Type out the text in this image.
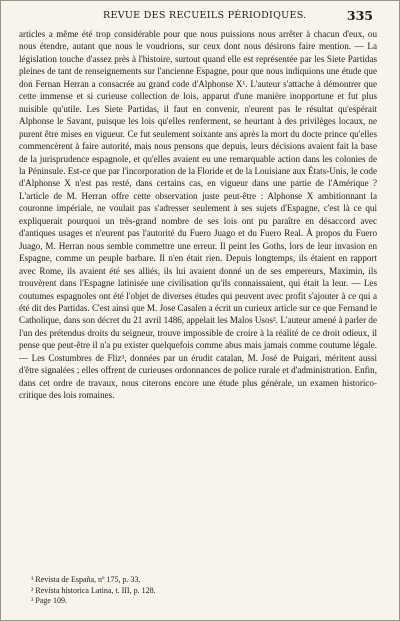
REVUE DES RECUEILS PÉRIODIQUES.	335

articles a même été trop considérable pour que nous puissions nous arrêter à chacun d'eux, ou nous étendre, autant que nous le voudrions, sur ceux dont nous désirons faire mention. — La législation touche d'assez près à l'histoire, surtout quand elle est représentée par les Siete Partidas pleines de tant de renseignements sur l'ancienne Espagne, pour que nous indiquions une étude que don Fernan Herran a consacrée au grand code d'Alphonse X¹. L'auteur s'attache à démontrer que cette immense et si curieuse collection de lois, apparut d'une manière inopportune et fut plus nuisible qu'utile. Les Siete Partidas, il faut en convenir, n'eurent pas le résultat qu'espérait Alphonse le Savant, puisque les lois qu'elles renferment, se heurtant à des privilèges locaux, ne purent être mises en vigueur. Ce fut seulement soixante ans après la mort du docte prince qu'elles commencèrent à faire autorité, mais nous pensons que depuis, leurs décisions avaient fait la base de la jurisprudence espagnole, et qu'elles avaient eu une remarquable action dans les colonies de la Péninsule. Est-ce que par l'incorporation de la Floride et de la Louisiane aux États-Unis, le code d'Alphonse X n'est pas resté, dans certains cas, en vigueur dans une partie de l'Amérique ? L'article de M. Herran offre cette observation juste peut-être : Alphonse X ambitionnant la couronne impériale, ne voulait pas s'adresser seulement à ses sujets d'Espagne, c'est là ce qui expliquerait pourquoi un très-grand nombre de ses lois ont pu paraître en désaccord avec d'antiques usages et n'eurent pas l'autorité du Fuero Juago et du Fuero Real. À propos du Fuero Juago, M. Herran nous semble commettre une erreur. Il peint les Goths, lors de leur invasion en Espagne, comme un peuple barbare. Il n'en était rien. Depuis longtemps, ils étaient en rapport avec Rome, ils avaient été ses alliés, ils lui avaient donné un de ses empereurs, Maximin, ils trouvèrent dans l'Espagne latinisée une civilisation qu'ils connaissaient, qui était la leur. — Les coutumes espagnoles ont été l'objet de diverses études qui peuvent avec profit s'ajouter à ce qui a été dit des Partidas. C'est ainsi que M. Jose Casalen a écrit un curieux article sur ce que Fernand le Catholique, dans son décret du 21 avril 1486, appelait les Malos Usos². L'auteur amené à parler de l'un des prétendus droits du seigneur, trouve impossible de croire à la réalité de ce droit odieux, il pense que peut-être il n'a pu exister quelquefois comme abus mais jamais comme coutume légale. — Les Costumbres de Fliz³, données par un érudit catalan, M. José de Puigari, méritent aussi d'être signalées ; elles offrent de curieuses ordonnances de police rurale et d'administration. Enfin, dans cet ordre de travaux, nous citerons encore une étude plus générale, un examen historico-critique des lois romaines.

¹ Revista de España, nº 175, p. 33.
² Revista historica Latina, t. III, p. 128.
³ Page 109.
